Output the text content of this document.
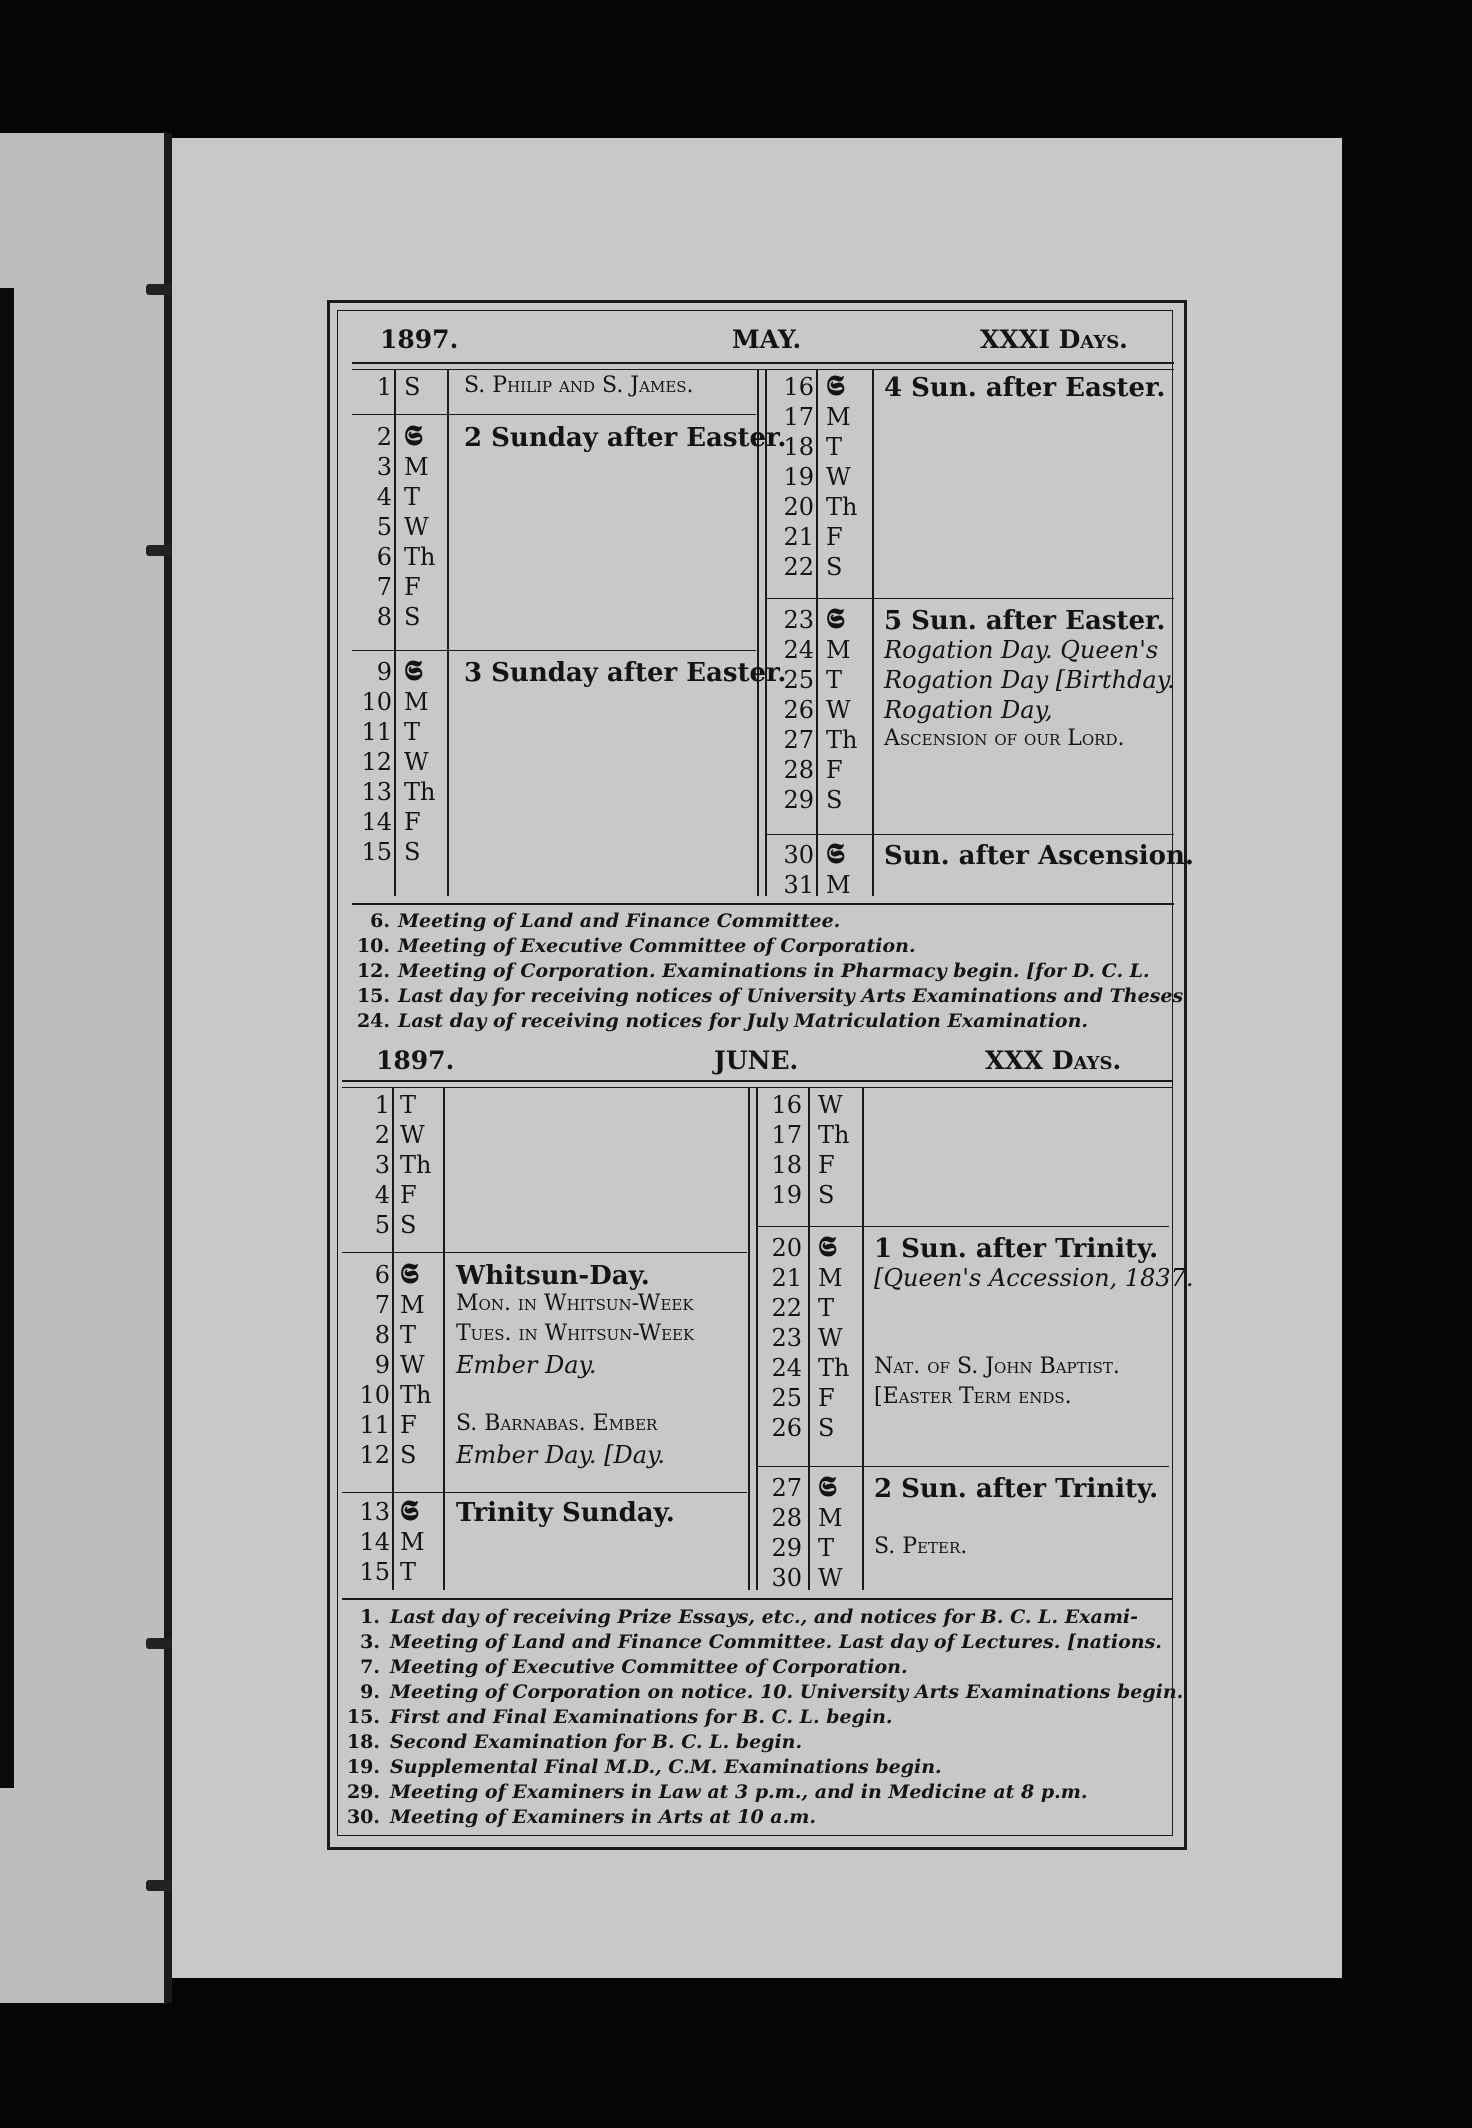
1897.	MAY.	XXXI Days.
1 S S. Philip and S. James.
2 𝕾 2 Sunday after Easter.
3 M
4 T
5 W
6 Th
7 F
8 S
9 𝕾 3 Sunday after Easter.
10 M
11 T
12 W
13 Th
14 F
15 S
16 𝕾 4 Sun. after Easter.
17 M
18 T
19 W
20 Th
21 F
22 S
23 𝕾 5 Sun. after Easter.
24 M Rogation Day. Queen's
25 T Rogation Day [Birthday.
26 W Rogation Day,
27 Th Ascension of our Lord.
28 F
29 S
30 𝕾 Sun. after Ascension.
31 M
6. Meeting of Land and Finance Committee.
10. Meeting of Executive Committee of Corporation.
12. Meeting of Corporation. Examinations in Pharmacy begin. [for D. C. L.
15. Last day for receiving notices of University Arts Examinations and Theses
24. Last day of receiving notices for July Matriculation Examination.
1897.	JUNE.	XXX Days.
1 T
2 W
3 Th
4 F
5 S
6 𝕾 Whitsun-Day.
7 M Mon. in Whitsun-Week
8 T Tues. in Whitsun-Week
9 W Ember Day.
10 Th
11 F S. Barnabas. Ember
12 S Ember Day. [Day.
13 𝕾 Trinity Sunday.
14 M
15 T
16 W
17 Th
18 F
19 S
20 𝕾 1 Sun. after Trinity.
21 M [Queen's Accession, 1837.
22 T
23 W
24 Th Nat. of S. John Baptist.
25 F [Easter Term ends.
26 S
27 𝕾 2 Sun. after Trinity.
28 M
29 T S. Peter.
30 W
1. Last day of receiving Prize Essays, etc., and notices for B. C. L. Exami-
3. Meeting of Land and Finance Committee. Last day of Lectures. [nations.
7. Meeting of Executive Committee of Corporation.
9. Meeting of Corporation on notice. 10. University Arts Examinations begin.
15. First and Final Examinations for B. C. L. begin.
18. Second Examination for B. C. L. begin.
19. Supplemental Final M.D., C.M. Examinations begin.
29. Meeting of Examiners in Law at 3 p.m., and in Medicine at 8 p.m.
30. Meeting of Examiners in Arts at 10 a.m.
